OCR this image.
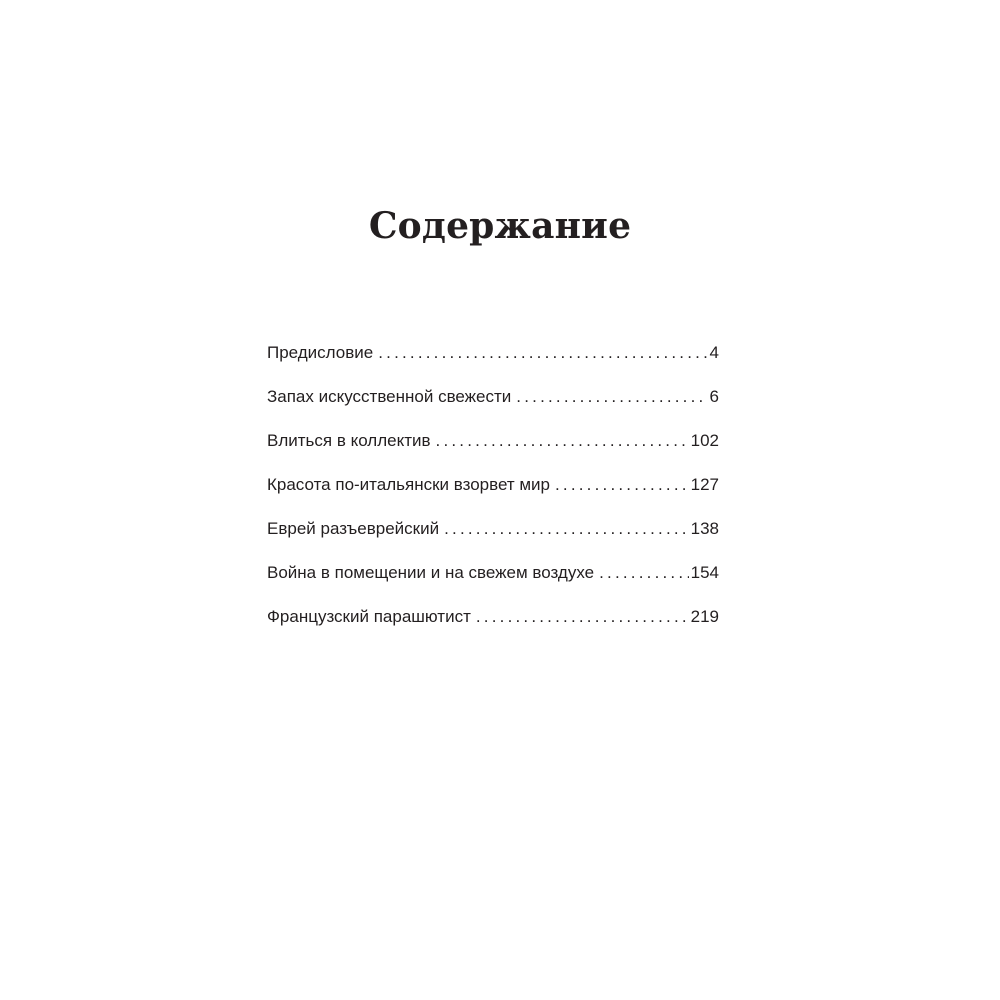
Содержание
Предисловие .....	4
Запах искусственной свежести .....	6
Влиться в коллектив .....	102
Красота по-итальянски взорвет мир .....	127
Еврей разъеврейский .....	138
Война в помещении и на свежем воздухе .....	154
Французский парашютист .....	219
